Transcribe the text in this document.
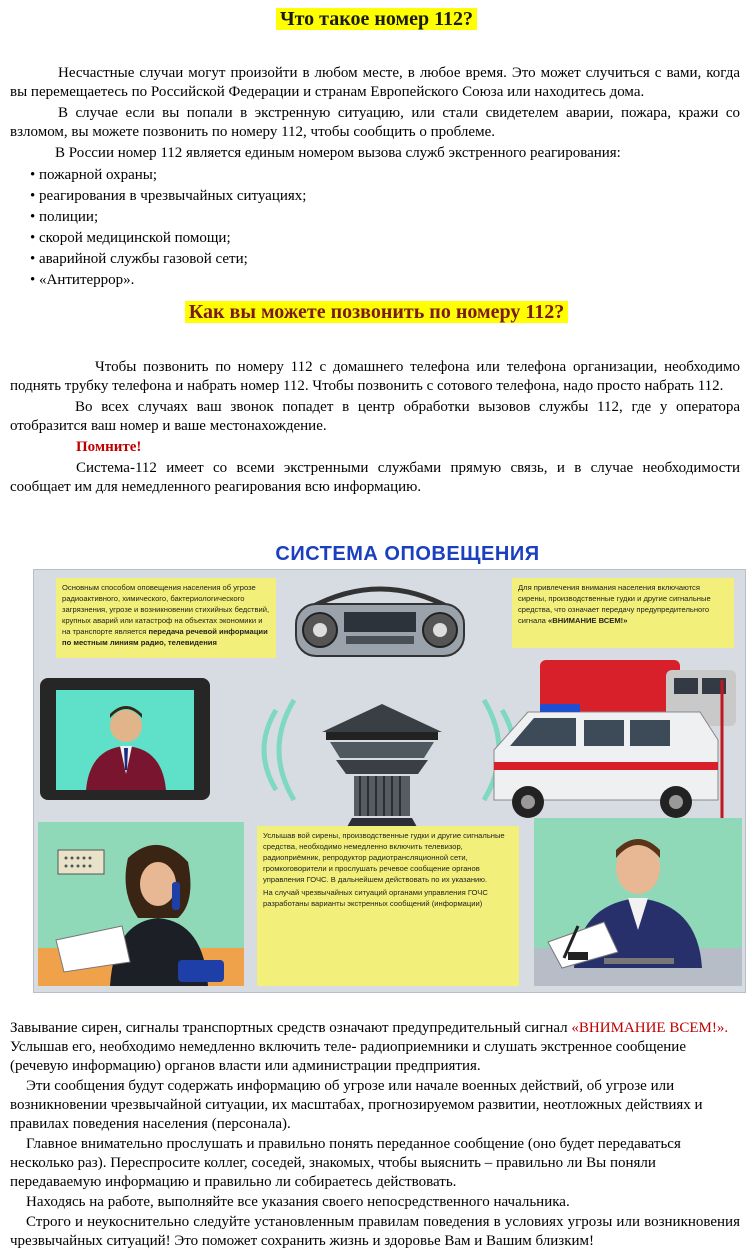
Что такое номер 112?

Несчастные случаи могут произойти в любом месте, в любое время. Это может случиться с вами, когда вы перемещаетесь по Российской Федерации и странам Европейского Союза или находитесь дома.

В случае если вы попали в экстренную ситуацию, или стали свидетелем аварии, пожара, кражи со взломом, вы можете позвонить по номеру 112, чтобы сообщить о проблеме.

В России номер 112 является единым номером вызова служб экстренного реагирования:

• пожарной охраны;
• реагирования в чрезвычайных ситуациях;
• полиции;
• скорой медицинской помощи;
• аварийной службы газовой сети;
• «Антитеррор».
Как вы можете позвонить по номеру 112?

Чтобы позвонить по номеру 112 с домашнего телефона или телефона организации, необходимо поднять трубку телефона и набрать номер 112. Чтобы позвонить с сотового телефона, надо просто набрать 112.

Во всех случаях ваш звонок попадет в центр обработки вызовов службы 112, где у оператора отобразится ваш номер и ваше местонахождение.

Помните!

Система-112 имеет со всеми экстренными службами прямую связь, и в случае необходимости сообщает им для немедленного реагирования всю информацию.

СИСТЕМА ОПОВЕЩЕНИЯ
Основным способом оповещения населения об угрозе радиоактивного, химического, бактериологического загрязнения, угрозе и возникновении стихийных бедствий, крупных аварий или катастроф на объектах экономики и на транспорте является передача речевой информации по местным линиям радио, телевидения
Для привлечения внимания населения включаются сирены, производственные гудки и другие сигнальные средства, что означает передачу предупредительного сигнала «ВНИМАНИЕ ВСЕМ!»
Услышав вой сирены, производственные гудки и другие сигнальные средства, необходимо немедленно включить телевизор, радиоприёмник, репродуктор радиотрансляционной сети, громкоговорители и прослушать речевое сообщение органов управления ГОЧС. В дальнейшем действовать по их указанию.
На случай чрезвычайных ситуаций органами управления ГОЧС разработаны варианты экстренных сообщений (информации)

Завывание сирен, сигналы транспортных средств означают предупредительный сигнал «ВНИМАНИЕ ВСЕМ!». Услышав его, необходимо немедленно включить теле- радиоприемники и слушать экстренное сообщение (речевую информацию) органов власти или администрации предприятия.

Эти сообщения будут содержать информацию об угрозе или начале военных действий, об угрозе или возникновении чрезвычайной ситуации, их масштабах, прогнозируемом развитии, неотложных действиях и правилах поведения населения (персонала).

Главное внимательно прослушать и правильно понять переданное сообщение (оно будет передаваться несколько раз). Переспросите коллег, соседей, знакомых, чтобы выяснить – правильно ли Вы поняли передаваемую информацию и правильно ли собираетесь действовать.

Находясь на работе, выполняйте все указания своего непосредственного начальника.

Строго и неукоснительно следуйте установленным правилам поведения в условиях угрозы или возникновения чрезвычайных ситуаций! Это поможет сохранить жизнь и здоровье Вам и Вашим близким!
